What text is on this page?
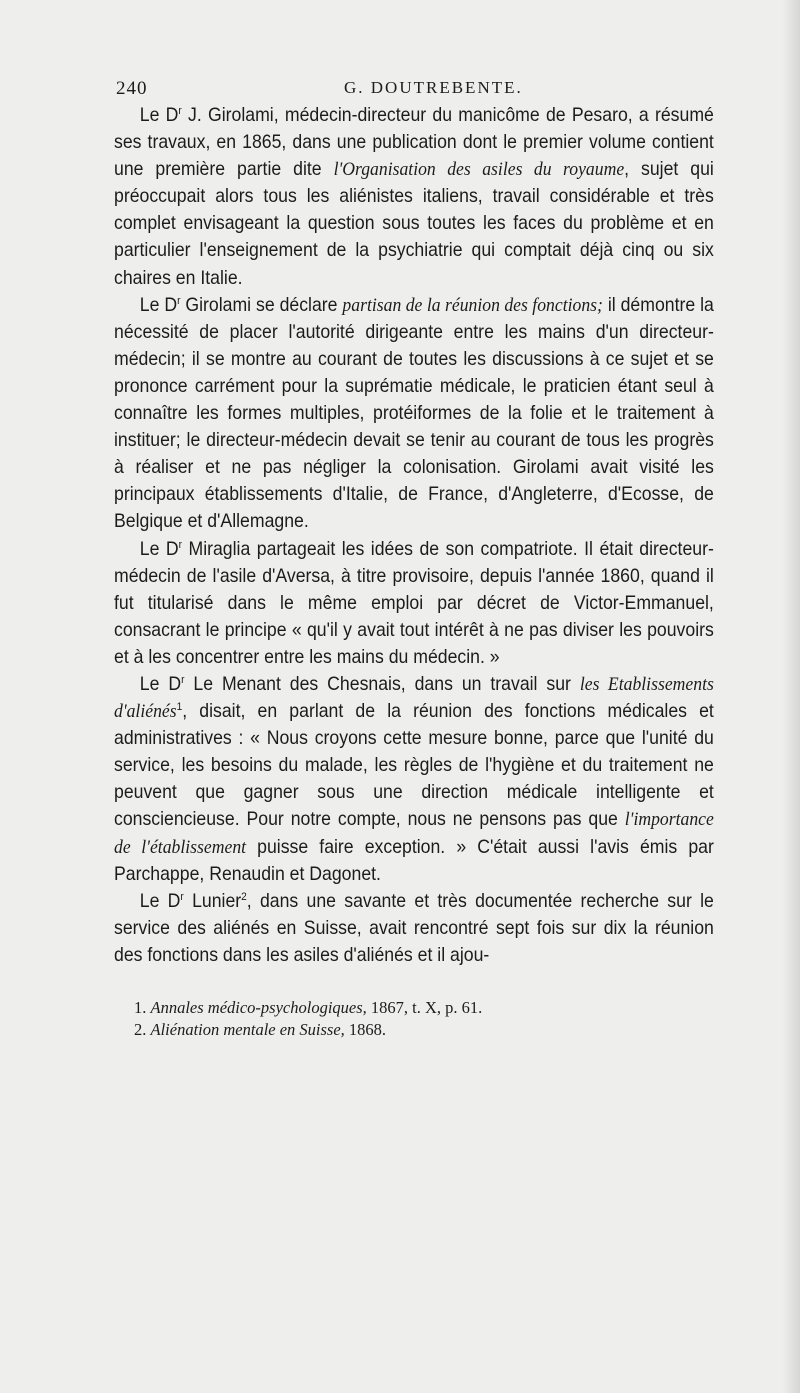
240	G. DOUTREBENTE.

Le $D^r$ J. Girolami, médecin-directeur du manicôme de Pesaro, a résumé ses travaux, en 1865, dans une publication dont le premier volume contient une première partie dite l'Organisation des asiles du royaume, sujet qui préoccupait alors tous les aliénistes italiens, travail considérable et très complet envisageant la question sous toutes les faces du problème et en particulier l'enseignement de la psychiatrie qui comptait déjà cinq ou six chaires en Italie.

Le $D^r$ Girolami se déclare partisan de la réunion des fonctions; il démontre la nécessité de placer l'autorité dirigeante entre les mains d'un directeur-médecin; il se montre au courant de toutes les discussions à ce sujet et se prononce carrément pour la suprématie médicale, le praticien étant seul à connaître les formes multiples, protéiformes de la folie et le traitement à instituer; le directeur-médecin devait se tenir au courant de tous les progrès à réaliser et ne pas négliger la colonisation. Girolami avait visité les principaux établissements d'Italie, de France, d'Angleterre, d'Ecosse, de Belgique et d'Allemagne.

Le $D^r$ Miraglia partageait les idées de son compatriote. Il était directeur-médecin de l'asile d'Aversa, à titre provisoire, depuis l'année 1860, quand il fut titularisé dans le même emploi par décret de Victor-Emmanuel, consacrant le principe « qu'il y avait tout intérêt à ne pas diviser les pouvoirs et à les concentrer entre les mains du médecin. »

Le $D^r$ Le Menant des Chesnais, dans un travail sur les Etablissements d'aliénés$^1$, disait, en parlant de la réunion des fonctions médicales et administratives : « Nous croyons cette mesure bonne, parce que l'unité du service, les besoins du malade, les règles de l'hygiène et du traitement ne peuvent que gagner sous une direction médicale intelligente et consciencieuse. Pour notre compte, nous ne pensons pas que l'importance de l'établissement puisse faire exception. » C'était aussi l'avis émis par Parchappe, Renaudin et Dagonet.

Le $D^r$ Lunier$^2$, dans une savante et très documentée recherche sur le service des aliénés en Suisse, avait rencontré sept fois sur dix la réunion des fonctions dans les asiles d'aliénés et il ajou-

1. Annales médico-psychologiques, 1867, t. X, p. 61.
2. Aliénation mentale en Suisse, 1868.
